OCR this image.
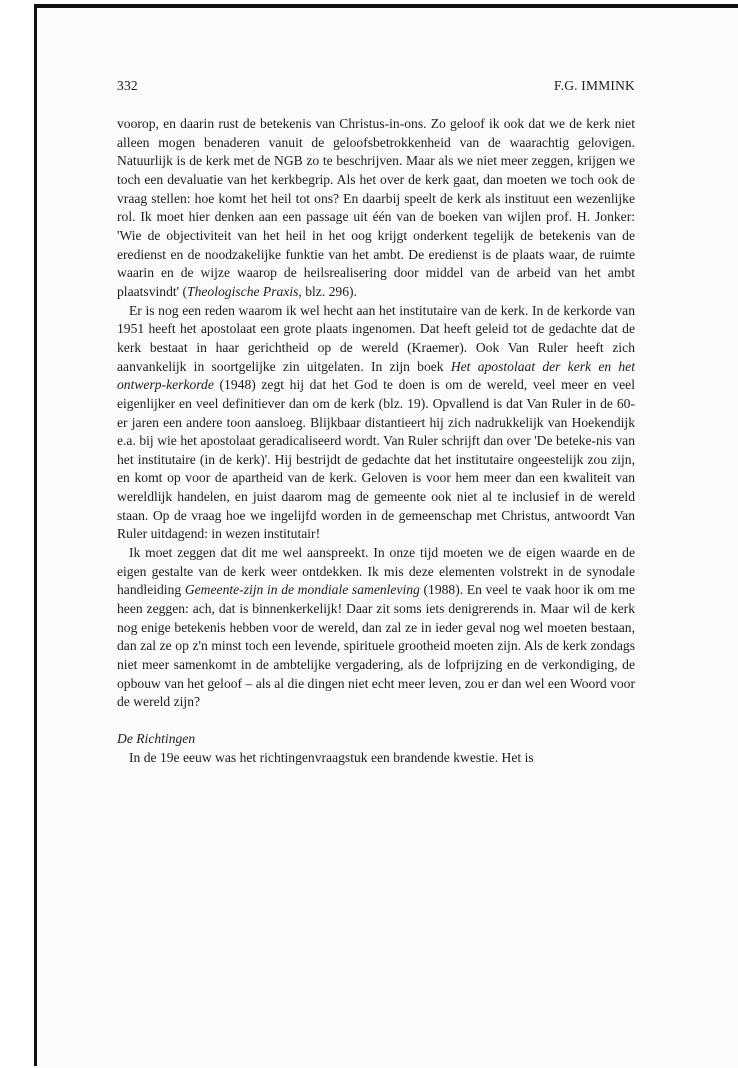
332	F.G. IMMINK

voorop, en daarin rust de betekenis van Christus-in-ons. Zo geloof ik ook dat we de kerk niet alleen mogen benaderen vanuit de geloofsbetrokkenheid van de waarachtig gelovigen. Natuurlijk is de kerk met de NGB zo te beschrijven. Maar als we niet meer zeggen, krijgen we toch een devaluatie van het kerkbegrip. Als het over de kerk gaat, dan moeten we toch ook de vraag stellen: hoe komt het heil tot ons? En daarbij speelt de kerk als instituut een wezenlijke rol. Ik moet hier denken aan een passage uit één van de boeken van wijlen prof. H. Jonker: 'Wie de objectiviteit van het heil in het oog krijgt onderkent tegelijk de betekenis van de eredienst en de noodzakelijke funktie van het ambt. De eredienst is de plaats waar, de ruimte waarin en de wijze waarop de heilsrealisering door middel van de arbeid van het ambt plaatsvindt' (Theologische Praxis, blz. 296).

Er is nog een reden waarom ik wel hecht aan het institutaire van de kerk. In de kerkorde van 1951 heeft het apostolaat een grote plaats ingenomen. Dat heeft geleid tot de gedachte dat de kerk bestaat in haar gerichtheid op de wereld (Kraemer). Ook Van Ruler heeft zich aanvankelijk in soortgelijke zin uitgelaten. In zijn boek Het apostolaat der kerk en het ontwerp-kerkorde (1948) zegt hij dat het God te doen is om de wereld, veel meer en veel eigenlijker en veel definitiever dan om de kerk (blz. 19). Opvallend is dat Van Ruler in de 60-er jaren een andere toon aansloeg. Blijkbaar distantieert hij zich nadrukkelijk van Hoekendijk e.a. bij wie het apostolaat geradicaliseerd wordt. Van Ruler schrijft dan over 'De beteke-nis van het institutaire (in de kerk)'. Hij bestrijdt de gedachte dat het institutaire ongeestelijk zou zijn, en komt op voor de apartheid van de kerk. Geloven is voor hem meer dan een kwaliteit van wereldlijk handelen, en juist daarom mag de gemeente ook niet al te inclusief in de wereld staan. Op de vraag hoe we ingelijfd worden in de gemeenschap met Christus, antwoordt Van Ruler uitdagend: in wezen institutair!

Ik moet zeggen dat dit me wel aanspreekt. In onze tijd moeten we de eigen waarde en de eigen gestalte van de kerk weer ontdekken. Ik mis deze elementen volstrekt in de synodale handleiding Gemeente-zijn in de mondiale samenleving (1988). En veel te vaak hoor ik om me heen zeggen: ach, dat is binnenkerkelijk! Daar zit soms iets denigrerends in. Maar wil de kerk nog enige betekenis hebben voor de wereld, dan zal ze in ieder geval nog wel moeten bestaan, dan zal ze op z'n minst toch een levende, spirituele grootheid moeten zijn. Als de kerk zondags niet meer samenkomt in de ambtelijke vergadering, als de lofprijzing en de verkondiging, de opbouw van het geloof – als al die dingen niet echt meer leven, zou er dan wel een Woord voor de wereld zijn?

De Richtingen

In de 19e eeuw was het richtingenvraagstuk een brandende kwestie. Het is
